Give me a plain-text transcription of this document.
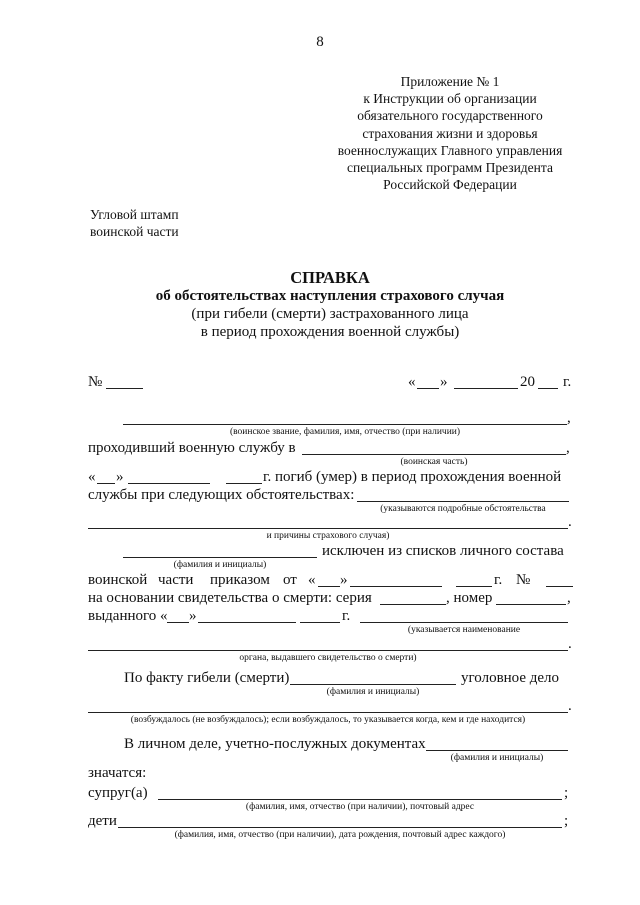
8
Приложение № 1
к Инструкции об организации
обязательного государственного
страхования жизни и здоровья
военнослужащих Главного управления
специальных программ Президента
Российской Федерации
Угловой штамп
воинской части
СПРАВКА
об обстоятельствах наступления страхового случая
(при гибели (смерти) застрахованного лица
в период прохождения военной службы)
№	« »	20 г.
,
(воинское звание, фамилия, имя, отчество (при наличии)
проходивший военную службу в	,
(воинская часть)
« »	г. погиб (умер) в период прохождения военной
службы при следующих обстоятельствах:
(указываются подробные обстоятельства
.
и причины страхового случая)
исключен из списков личного состава
(фамилия и инициалы)
воинской части приказом от « »	г. №
на основании свидетельства о смерти: серия	, номер	,
выданного « »	г.
(указывается наименование
.
органа, выдавшего свидетельство о смерти)
По факту гибели (смерти)	уголовное дело
(фамилия и инициалы)
.
(возбуждалось (не возбуждалось); если возбуждалось, то указывается когда, кем и где находится)
В личном деле, учетно-послужных документах
(фамилия и инициалы)
значатся:
супруг(а)	;
(фамилия, имя, отчество (при наличии), почтовый адрес
дети	;
(фамилия, имя, отчество (при наличии), дата рождения, почтовый адрес каждого)
